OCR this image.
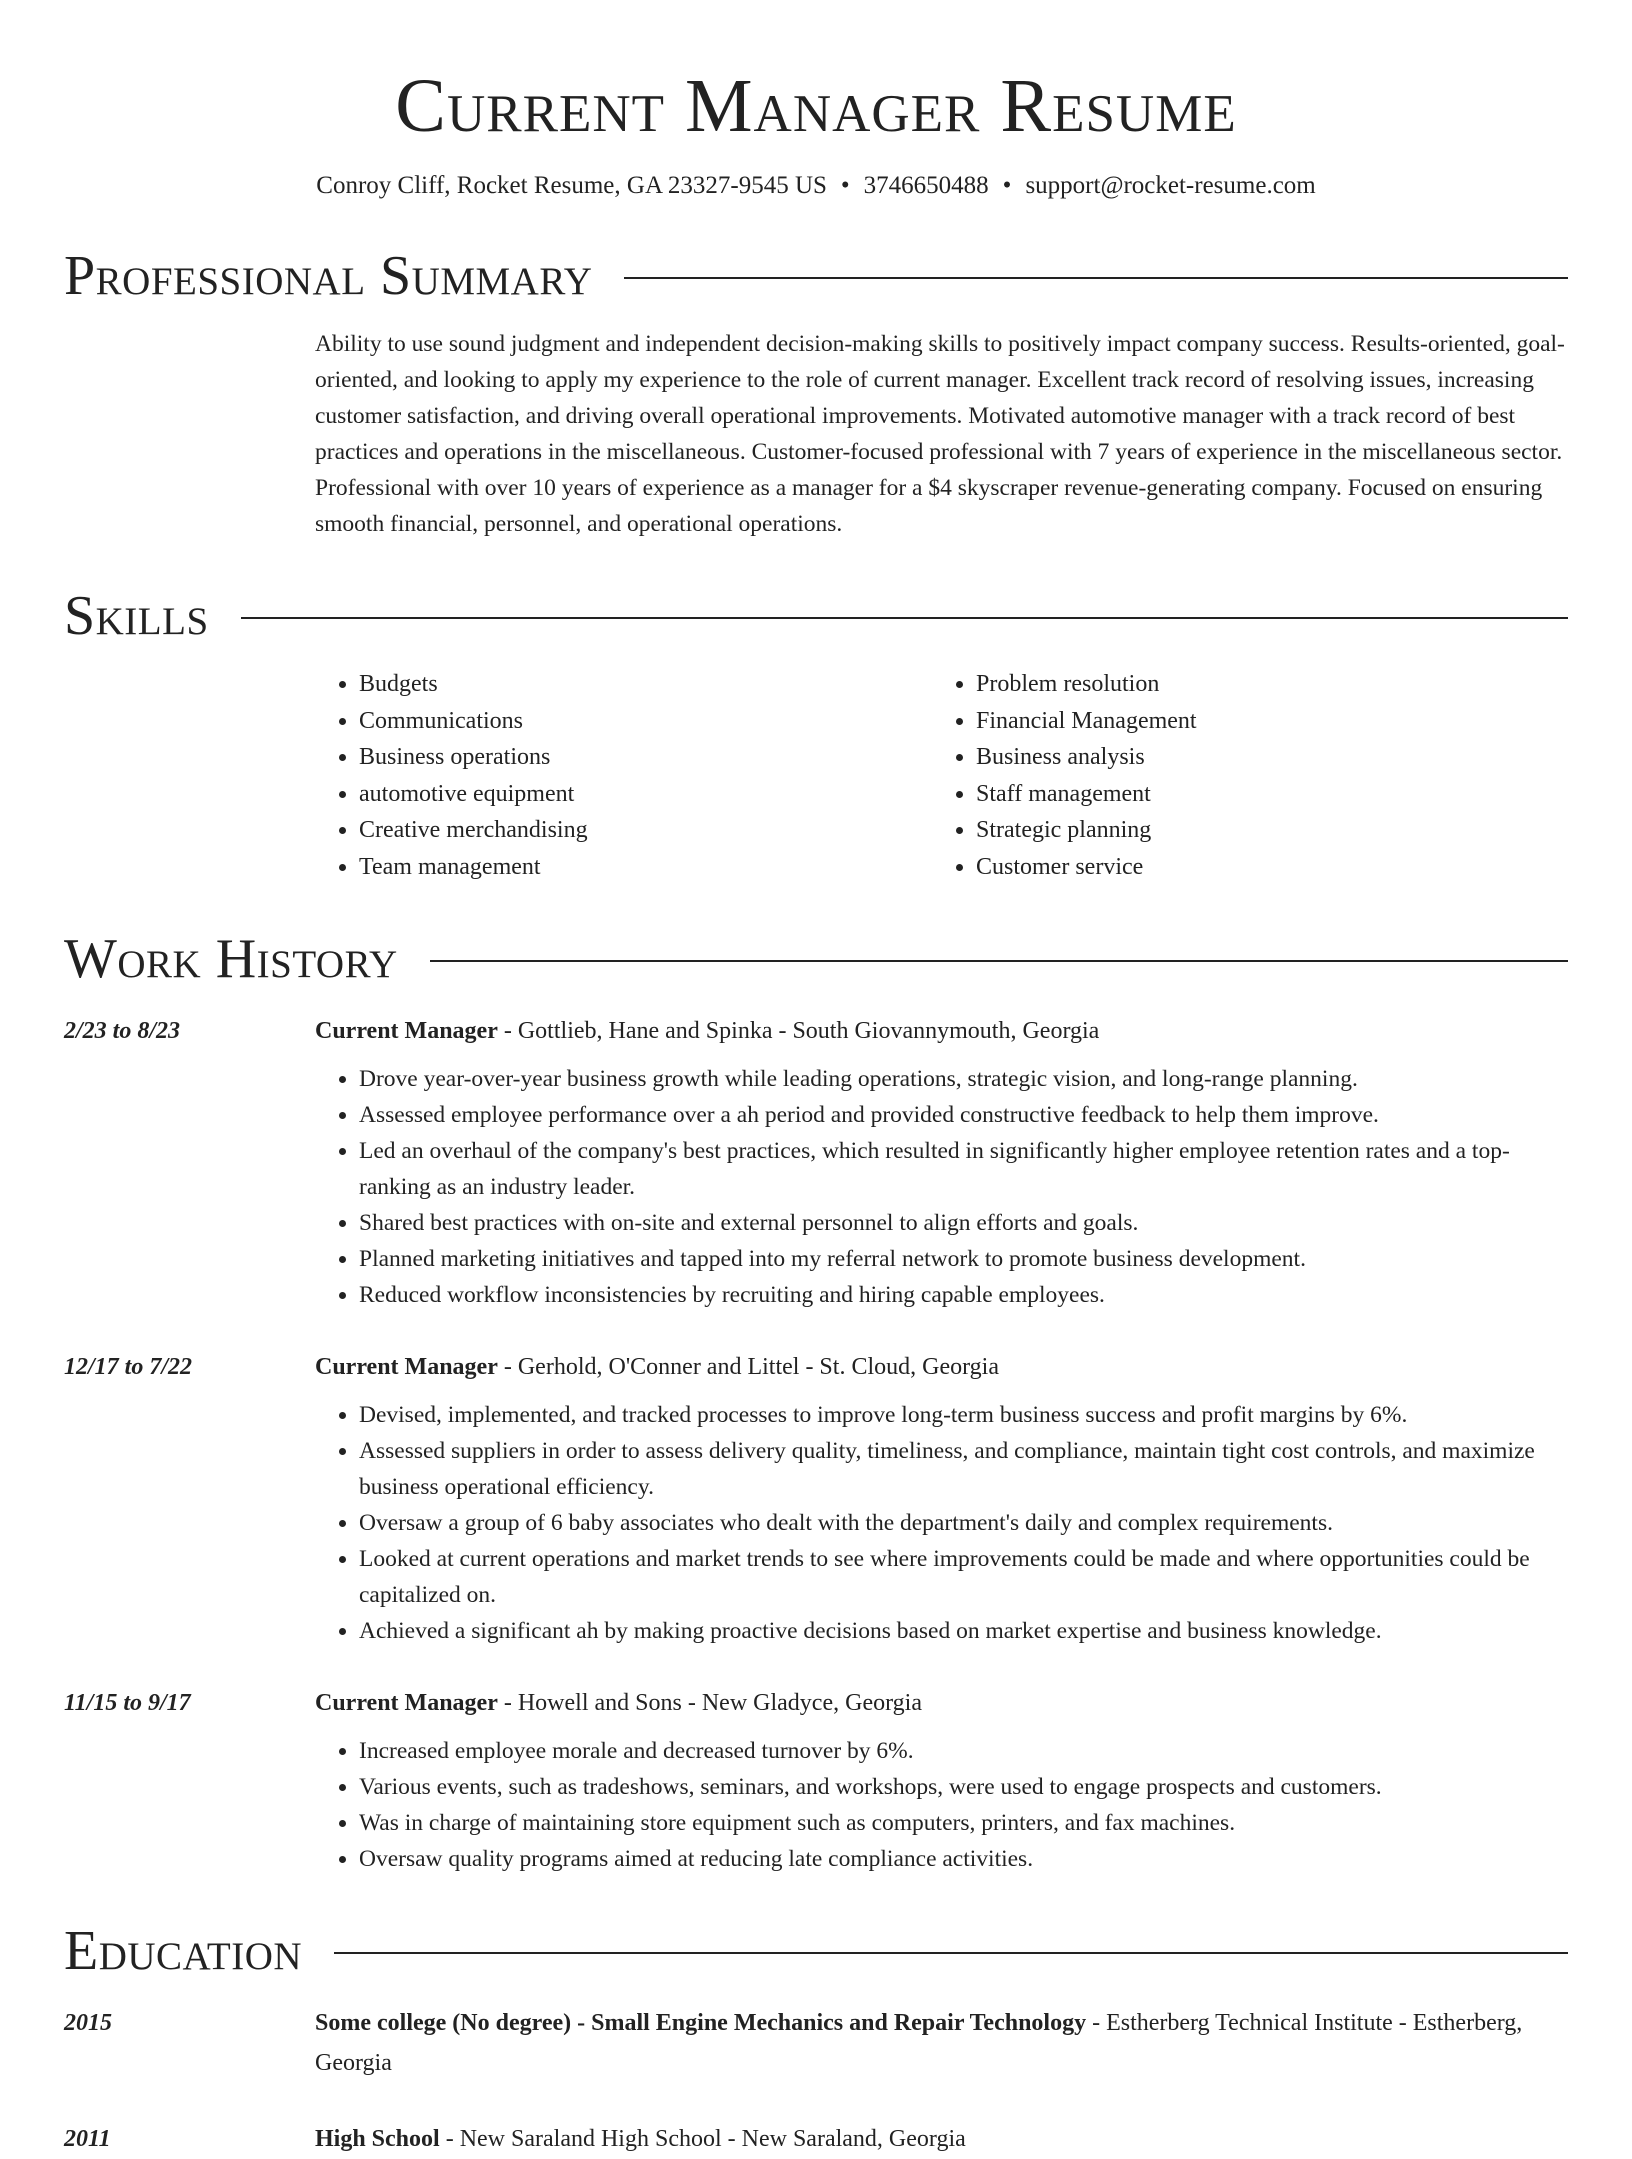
Current Manager Resume
Conroy Cliff, Rocket Resume, GA 23327-9545 US • 3746650488 • support@rocket-resume.com
Professional Summary
Ability to use sound judgment and independent decision-making skills to positively impact company success. Results-oriented, goal-oriented, and looking to apply my experience to the role of current manager. Excellent track record of resolving issues, increasing customer satisfaction, and driving overall operational improvements. Motivated automotive manager with a track record of best practices and operations in the miscellaneous. Customer-focused professional with 7 years of experience in the miscellaneous sector. Professional with over 10 years of experience as a manager for a $4 skyscraper revenue-generating company. Focused on ensuring smooth financial, personnel, and operational operations.
Skills
• Budgets
• Communications
• Business operations
• automotive equipment
• Creative merchandising
• Team management
• Problem resolution
• Financial Management
• Business analysis
• Staff management
• Strategic planning
• Customer service
Work History
2/23 to 8/23	Current Manager - Gottlieb, Hane and Spinka - South Giovannymouth, Georgia
• Drove year-over-year business growth while leading operations, strategic vision, and long-range planning.
• Assessed employee performance over a ah period and provided constructive feedback to help them improve.
• Led an overhaul of the company's best practices, which resulted in significantly higher employee retention rates and a top-ranking as an industry leader.
• Shared best practices with on-site and external personnel to align efforts and goals.
• Planned marketing initiatives and tapped into my referral network to promote business development.
• Reduced workflow inconsistencies by recruiting and hiring capable employees.
12/17 to 7/22	Current Manager - Gerhold, O'Conner and Littel - St. Cloud, Georgia
• Devised, implemented, and tracked processes to improve long-term business success and profit margins by 6%.
• Assessed suppliers in order to assess delivery quality, timeliness, and compliance, maintain tight cost controls, and maximize business operational efficiency.
• Oversaw a group of 6 baby associates who dealt with the department's daily and complex requirements.
• Looked at current operations and market trends to see where improvements could be made and where opportunities could be capitalized on.
• Achieved a significant ah by making proactive decisions based on market expertise and business knowledge.
11/15 to 9/17	Current Manager - Howell and Sons - New Gladyce, Georgia
• Increased employee morale and decreased turnover by 6%.
• Various events, such as tradeshows, seminars, and workshops, were used to engage prospects and customers.
• Was in charge of maintaining store equipment such as computers, printers, and fax machines.
• Oversaw quality programs aimed at reducing late compliance activities.
Education
2015	Some college (No degree) - Small Engine Mechanics and Repair Technology - Estherberg Technical Institute - Estherberg, Georgia
2011	High School - New Saraland High School - New Saraland, Georgia
